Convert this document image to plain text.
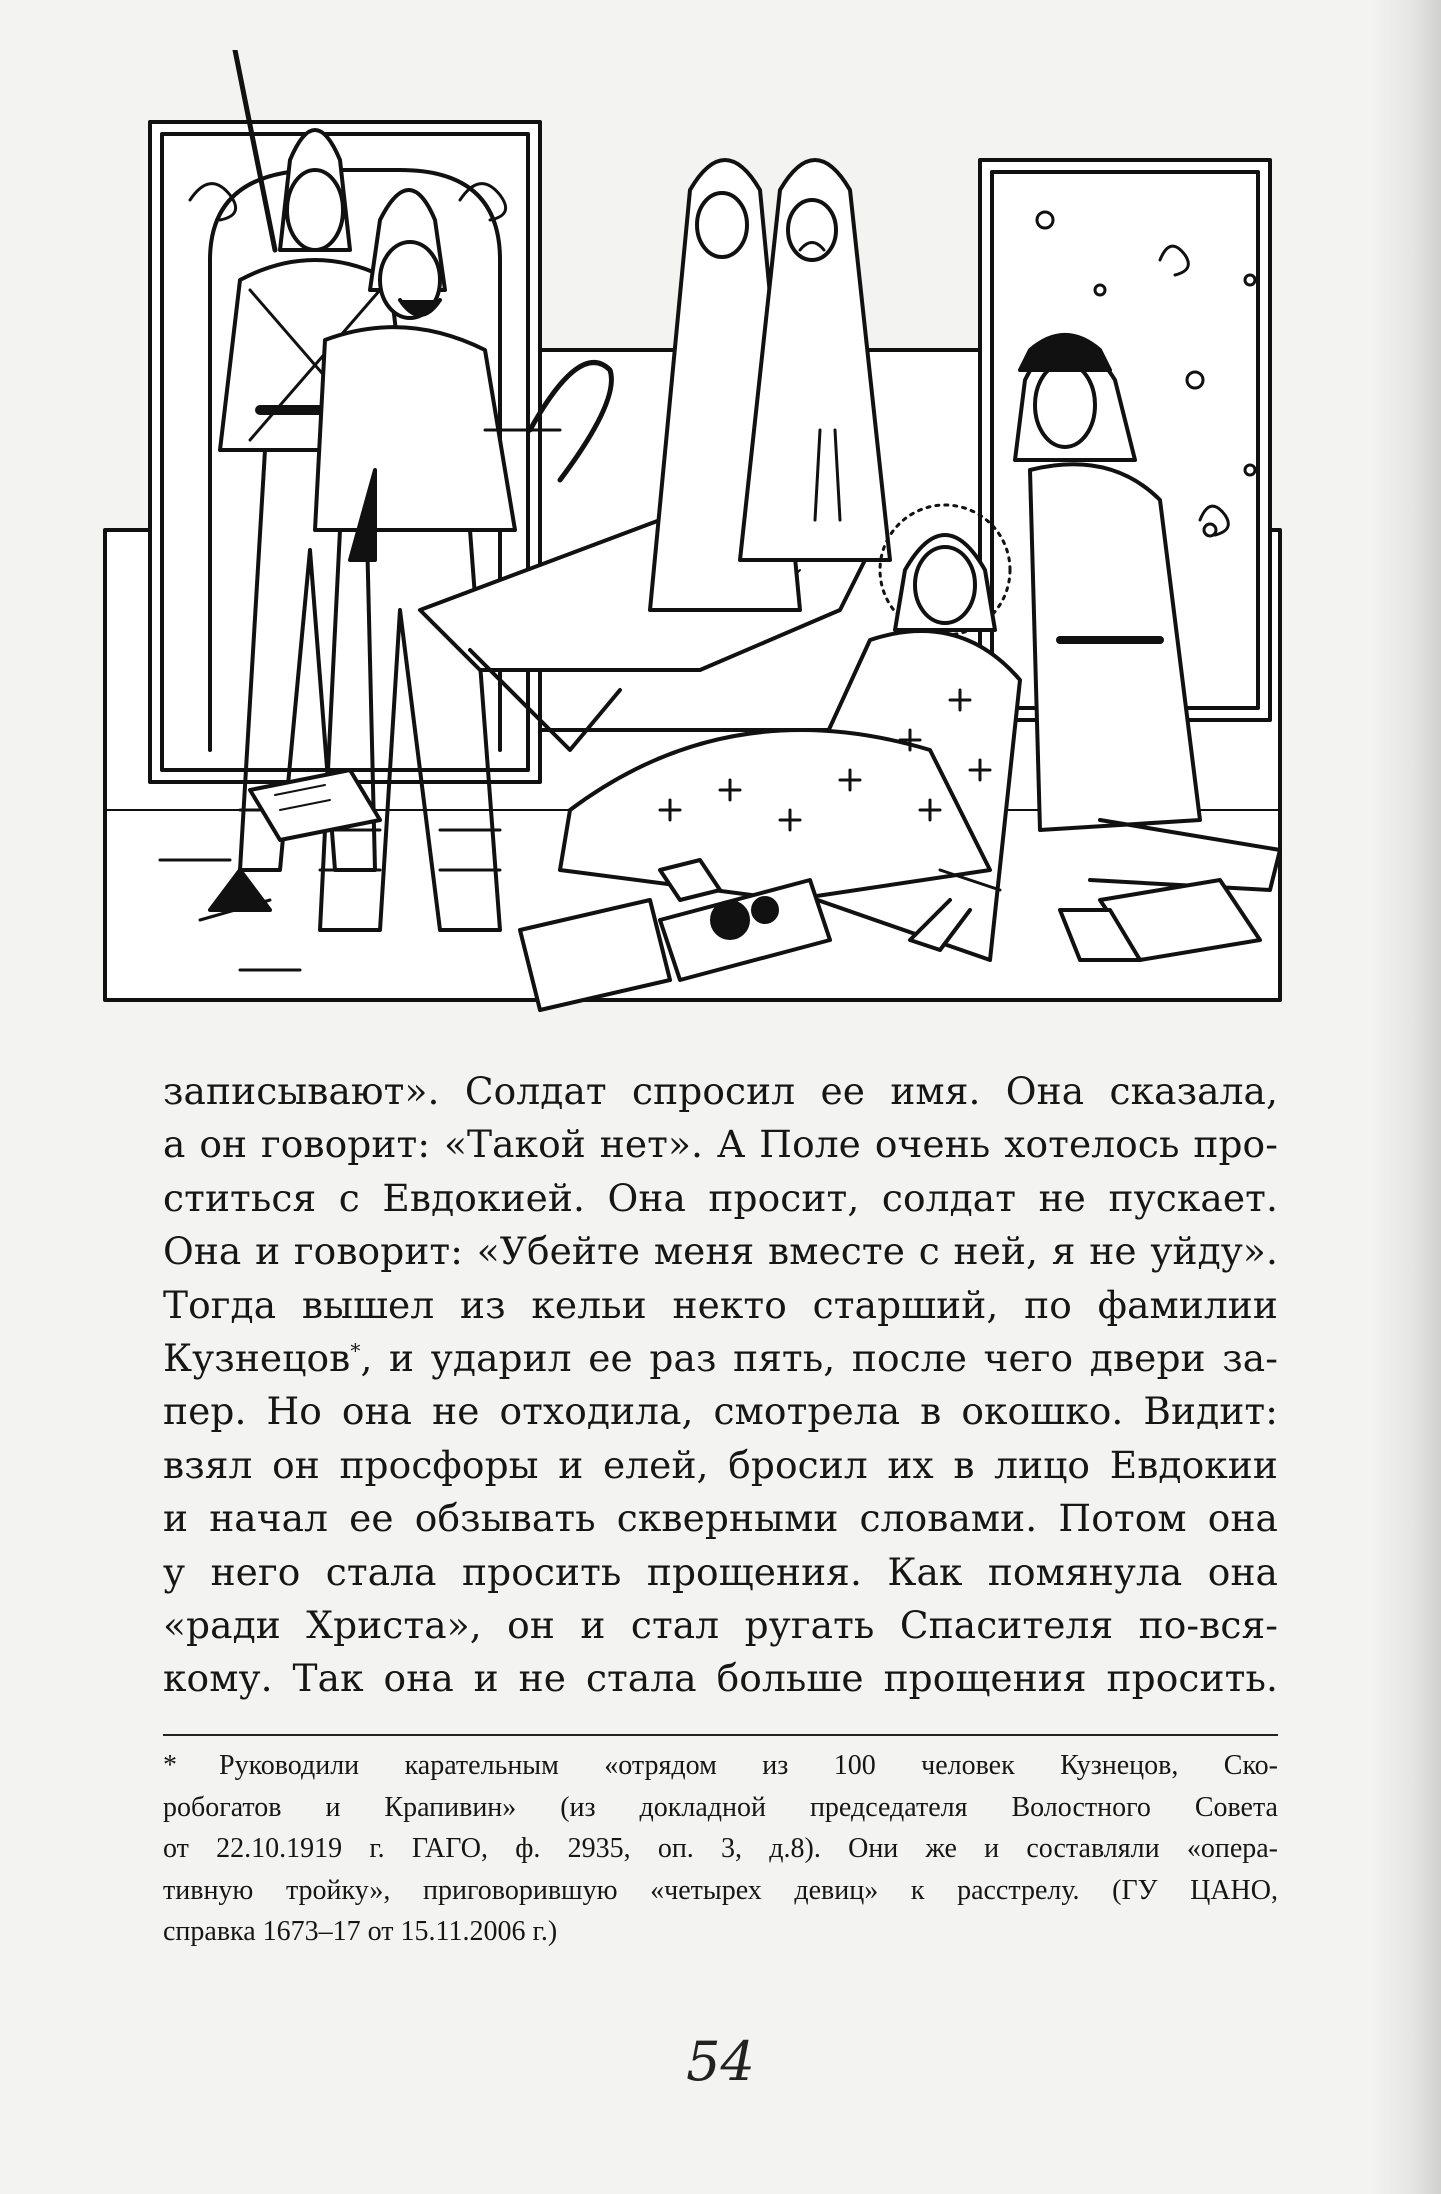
записывают». Солдат спросил ее имя. Она сказала,
а он говорит: «Такой нет». А Поле очень хотелось про-
ститься с Евдокией. Она просит, солдат не пускает.
Она и говорит: «Убейте меня вместе с ней, я не уйду».
Тогда вышел из кельи некто старший, по фамилии
Кузнецов*, и ударил ее раз пять, после чего двери за-
пер. Но она не отходила, смотрела в окошко. Видит:
взял он просфоры и елей, бросил их в лицо Евдокии
и начал ее обзывать скверными словами. Потом она
у него стала просить прощения. Как помянула она
«ради Христа», он и стал ругать Спасителя по-вся-
кому. Так она и не стала больше прощения просить.
* Руководили карательным «отрядом из 100 человек Кузнецов, Ско-
робогатов и Крапивин» (из докладной председателя Волостного Совета
от 22.10.1919 г. ГАГО, ф. 2935, оп. 3, д.8). Они же и составляли «опера-
тивную тройку», приговорившую «четырех девиц» к расстрелу. (ГУ ЦАНО,
справка 1673–17 от 15.11.2006 г.)
54
